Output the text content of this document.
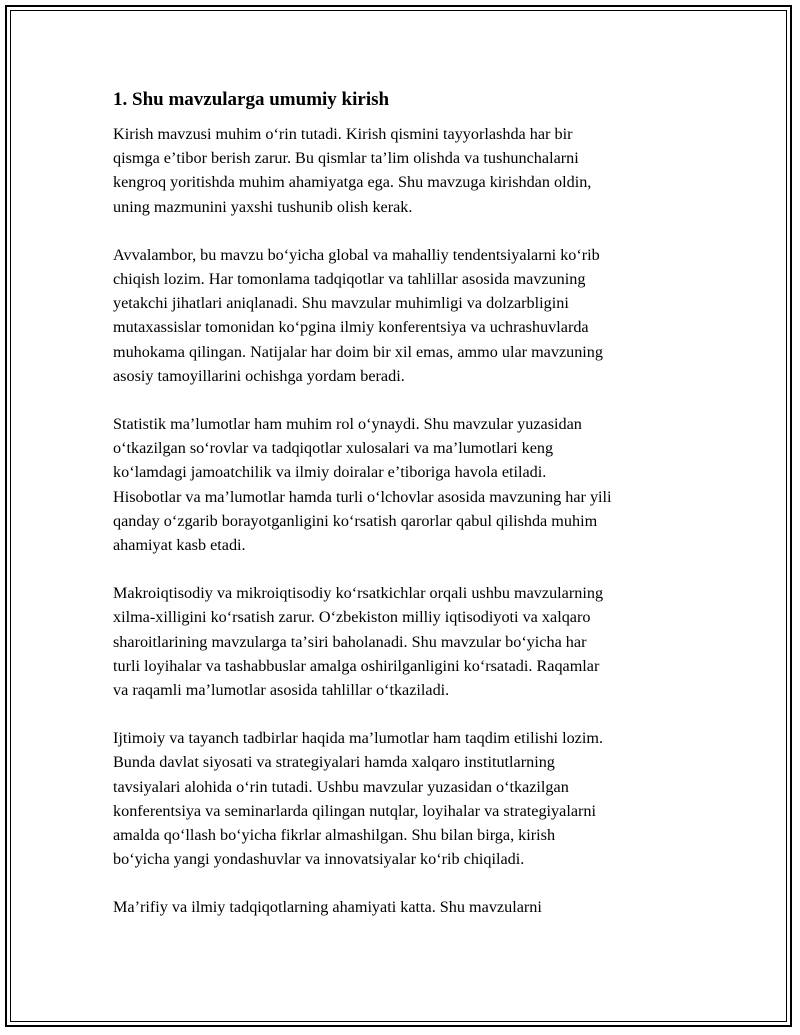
1. Shu mavzularga umumiy kirish

Kirish mavzusi muhim oʻrin tutadi. Kirish qismini tayyorlashda har bir
qismga eʼtibor berish zarur. Bu qismlar taʼlim olishda va tushunchalarni
kengroq yoritishda muhim ahamiyatga ega. Shu mavzuga kirishdan oldin,
uning mazmunini yaxshi tushunib olish kerak.

Avvalambor, bu mavzu boʻyicha global va mahalliy tendentsiyalarni koʻrib
chiqish lozim. Har tomonlama tadqiqotlar va tahlillar asosida mavzuning
yetakchi jihatlari aniqlanadi. Shu mavzular muhimligi va dolzarbligini
mutaxassislar tomonidan koʻpgina ilmiy konferentsiya va uchrashuvlarda
muhokama qilingan. Natijalar har doim bir xil emas, ammo ular mavzuning
asosiy tamoyillarini ochishga yordam beradi.

Statistik maʼlumotlar ham muhim rol oʻynaydi. Shu mavzular yuzasidan
oʻtkazilgan soʻrovlar va tadqiqotlar xulosalari va maʼlumotlari keng
koʻlamdagi jamoatchilik va ilmiy doiralar eʼtiboriga havola etiladi.
Hisobotlar va maʼlumotlar hamda turli oʻlchovlar asosida mavzuning har yili
qanday oʻzgarib borayotganligini koʻrsatish qarorlar qabul qilishda muhim
ahamiyat kasb etadi.

Makroiqtisodiy va mikroiqtisodiy koʻrsatkichlar orqali ushbu mavzularning
xilma-xilligini koʻrsatish zarur. Oʻzbekiston milliy iqtisodiyoti va xalqaro
sharoitlarining mavzularga taʼsiri baholanadi. Shu mavzular boʻyicha har
turli loyihalar va tashabbuslar amalga oshirilganligini koʻrsatadi. Raqamlar
va raqamli maʼlumotlar asosida tahlillar oʻtkaziladi.

Ijtimoiy va tayanch tadbirlar haqida maʼlumotlar ham taqdim etilishi lozim.
Bunda davlat siyosati va strategiyalari hamda xalqaro institutlarning
tavsiyalari alohida oʻrin tutadi. Ushbu mavzular yuzasidan oʻtkazilgan
konferentsiya va seminarlarda qilingan nutqlar, loyihalar va strategiyalarni
amalda qoʻllash boʻyicha fikrlar almashilgan. Shu bilan birga, kirish
boʻyicha yangi yondashuvlar va innovatsiyalar koʻrib chiqiladi.

Maʼrifiy va ilmiy tadqiqotlarning ahamiyati katta. Shu mavzularni
